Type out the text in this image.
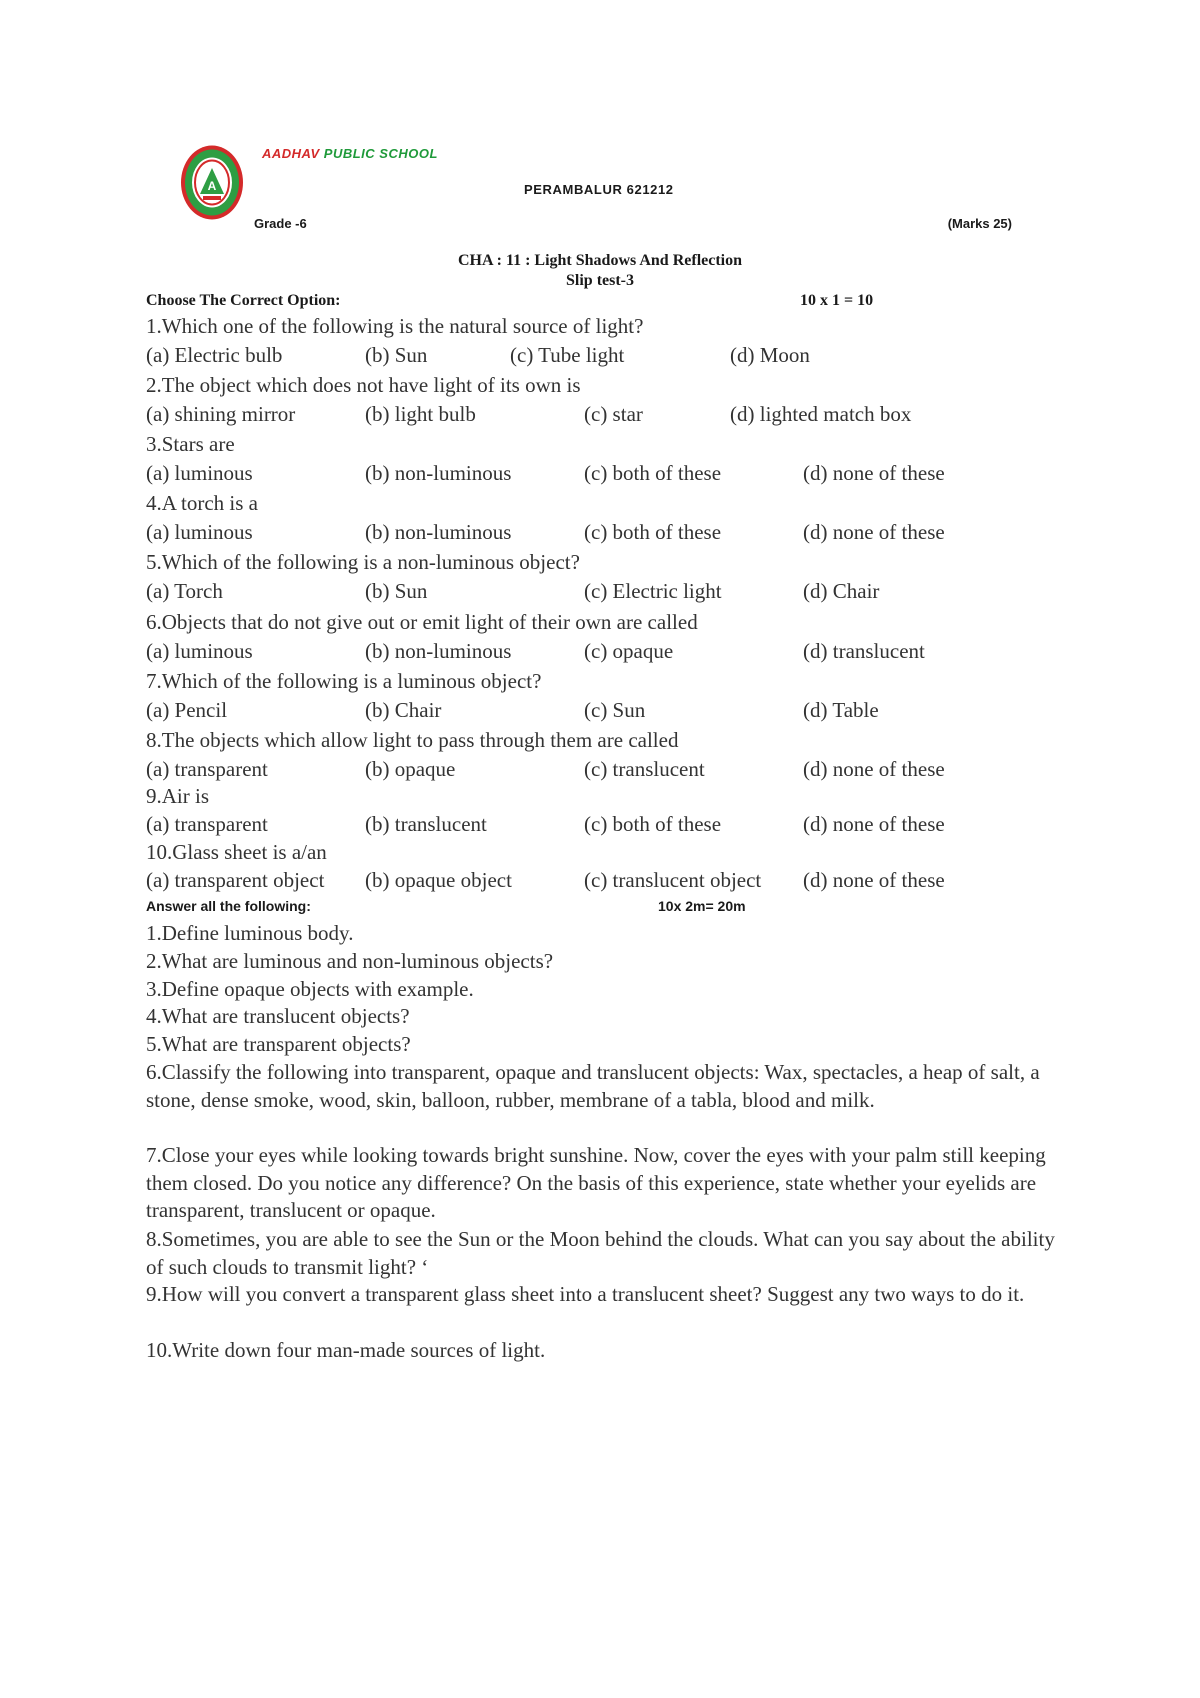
A
AADHAV PUBLIC SCHOOL
PERAMBALUR 621212
Grade -6	(Marks 25)
CHA : 11 : Light Shadows And Reflection
Slip test-3
Choose The Correct Option:	10 x 1 = 10
1.Which one of the following is the natural source of light?
(a) Electric bulb	(b) Sun	(c) Tube light	(d) Moon
2.The object which does not have light of its own is
(a) shining mirror	(b) light bulb	(c) star	(d) lighted match box
3.Stars are
(a) luminous	(b) non-luminous	(c) both of these	(d) none of these
4.A torch is a
(a) luminous	(b) non-luminous	(c) both of these	(d) none of these
5.Which of the following is a non-luminous object?
(a) Torch	(b) Sun	(c) Electric light	(d) Chair
6.Objects that do not give out or emit light of their own are called
(a) luminous	(b) non-luminous	(c) opaque	(d) translucent
7.Which of the following is a luminous object?
(a) Pencil	(b) Chair	(c) Sun	(d) Table
8.The objects which allow light to pass through them are called
(a) transparent	(b) opaque	(c) translucent	(d) none of these
9.Air is
(a) transparent	(b) translucent	(c) both of these	(d) none of these
10.Glass sheet is a/an
(a) transparent object (b) opaque object	(c) translucent object (d) none of these
Answer all the following:	10x 2m= 20m
1.Define luminous body.
2.What are luminous and non-luminous objects?
3.Define opaque objects with example.
4.What are translucent objects?
5.What are transparent objects?
6.Classify the following into transparent, opaque and translucent objects: Wax, spectacles, a heap of salt, a stone, dense smoke, wood, skin, balloon, rubber, membrane of a tabla, blood and milk.
7.Close your eyes while looking towards bright sunshine. Now, cover the eyes with your palm still keeping them closed. Do you notice any difference? On the basis of this experience, state whether your eyelids are transparent, translucent or opaque.
8.Sometimes, you are able to see the Sun or the Moon behind the clouds. What can you say about the ability of such clouds to transmit light? ‘
9.How will you convert a transparent glass sheet into a translucent sheet? Suggest any two ways to do it.
10.Write down four man-made sources of light.
